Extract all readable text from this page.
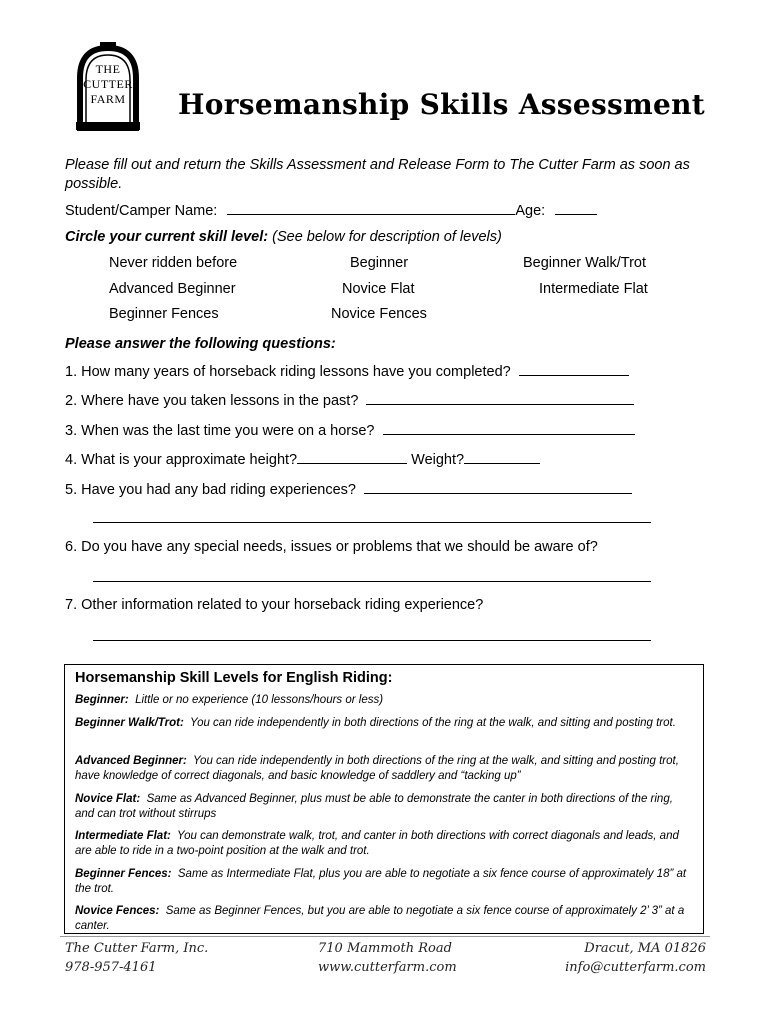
THE
CUTTER
FARM	Horsemanship Skills Assessment
Please fill out and return the Skills Assessment and Release Form to The Cutter Farm as soon as possible.
Student/Camper Name:	Age:
Circle your current skill level: (See below for description of levels)
Never ridden before	Beginner	Beginner Walk/Trot
Advanced Beginner	Novice Flat	Intermediate Flat
Beginner Fences	Novice Fences
Please answer the following questions:
1. How many years of horseback riding lessons have you completed?
2. Where have you taken lessons in the past?
3. When was the last time you were on a horse?
4. What is your approximate height?	Weight?
5. Have you had any bad riding experiences?
6. Do you have any special needs, issues or problems that we should be aware of?
7. Other information related to your horseback riding experience?
Horsemanship Skill Levels for English Riding:
Beginner: Little or no experience (10 lessons/hours or less)
Beginner Walk/Trot: You can ride independently in both directions of the ring at the walk, and sitting and posting trot.
Advanced Beginner: You can ride independently in both directions of the ring at the walk, and sitting and posting trot, have knowledge of correct diagonals, and basic knowledge of saddlery and “tacking up”
Novice Flat: Same as Advanced Beginner, plus must be able to demonstrate the canter in both directions of the ring, and can trot without stirrups
Intermediate Flat: You can demonstrate walk, trot, and canter in both directions with correct diagonals and leads, and are able to ride in a two-point position at the walk and trot.
Beginner Fences: Same as Intermediate Flat, plus you are able to negotiate a six fence course of approximately 18” at the trot.
Novice Fences: Same as Beginner Fences, but you are able to negotiate a six fence course of approximately 2’ 3” at a canter.
The Cutter Farm, Inc.
978-957-4161
710 Mammoth Road
www.cutterfarm.com
Dracut, MA 01826
info@cutterfarm.com
